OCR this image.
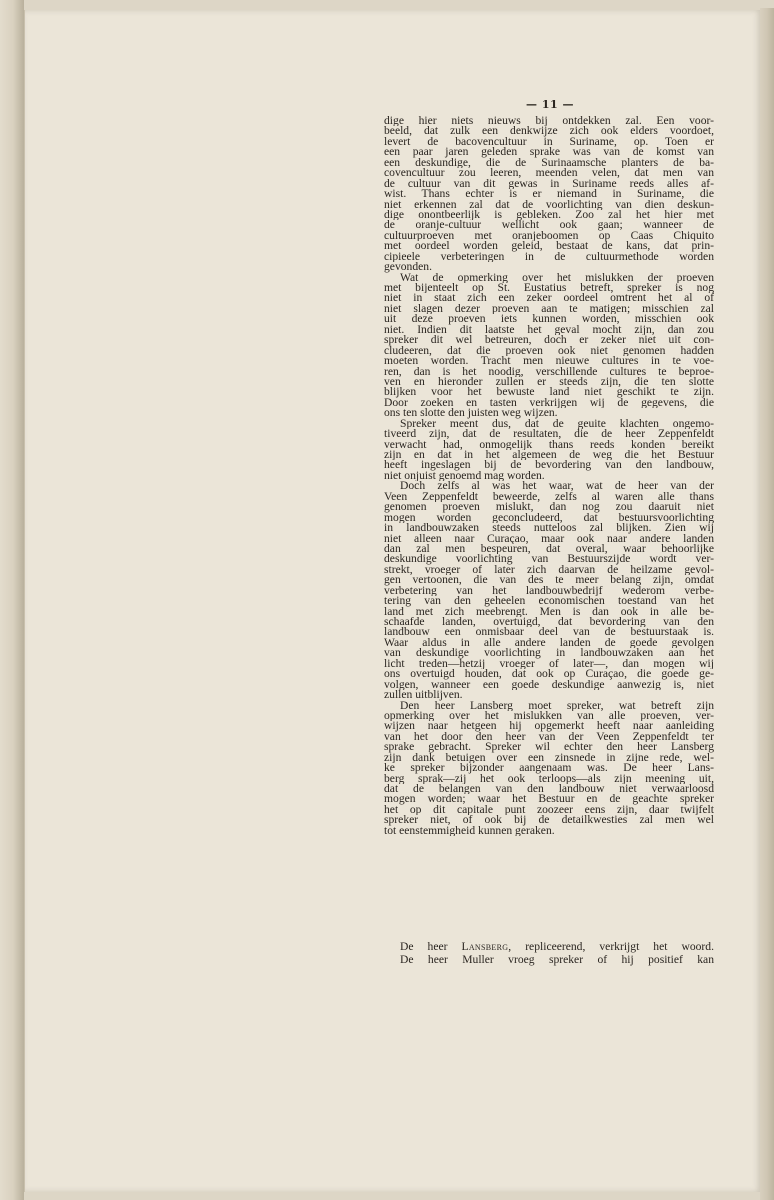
— 11 —
dige hier niets nieuws bij ontdekken zal. Een voor-
beeld, dat zulk een denkwijze zich ook elders voordoet,
levert de bacovencultuur in Suriname, op. Toen er
een paar jaren geleden sprake was van de komst van
een deskundige, die de Surinaamsche planters de ba-
covencultuur zou leeren, meenden velen, dat men van
de cultuur van dit gewas in Suriname reeds alles af-
wist. Thans echter is er niemand in Suriname, die
niet erkennen zal dat de voorlichting van dien deskun-
dige onontbeerlijk is gebleken. Zoo zal het hier met
de oranje-cultuur wellicht ook gaan; wanneer de
cultuurproeven met oranjeboomen op Caas Chiquito
met oordeel worden geleid, bestaat de kans, dat prin-
cipieele verbeteringen in de cultuurmethode worden
gevonden.
Wat de opmerking over het mislukken der proeven
met bijenteelt op St. Eustatius betreft, spreker is nog
niet in staat zich een zeker oordeel omtrent het al of
niet slagen dezer proeven aan te matigen; misschien zal
uit deze proeven iets kunnen worden, misschien ook
niet. Indien dit laatste het geval mocht zijn, dan zou
spreker dit wel betreuren, doch er zeker niet uit con-
cludeeren, dat die proeven ook niet genomen hadden
moeten worden. Tracht men nieuwe cultures in te voe-
ren, dan is het noodig, verschillende cultures te beproe-
ven en hieronder zullen er steeds zijn, die ten slotte
blijken voor het bewuste land niet geschikt te zijn.
Door zoeken en tasten verkrijgen wij de gegevens, die
ons ten slotte den juisten weg wijzen.
Spreker meent dus, dat de geuite klachten ongemo-
tiveerd zijn, dat de resultaten, die de heer Zeppenfeldt
verwacht had, onmogelijk thans reeds konden bereikt
zijn en dat in het algemeen de weg die het Bestuur
heeft ingeslagen bij de bevordering van den landbouw,
niet onjuist genoemd mag worden.
Doch zelfs al was het waar, wat de heer van der
Veen Zeppenfeldt beweerde, zelfs al waren alle thans
genomen proeven mislukt, dan nog zou daaruit niet
mogen worden geconcludeerd, dat bestuursvoorlichting
in landbouwzaken steeds nutteloos zal blijken. Zien wij
niet alleen naar Curaçao, maar ook naar andere landen
dan zal men bespeuren, dat overal, waar behoorlijke
deskundige voorlichting van Bestuurszijde wordt ver-
strekt, vroeger of later zich daarvan de heilzame gevol-
gen vertoonen, die van des te meer belang zijn, omdat
verbetering van het landbouwbedrijf wederom verbe-
tering van den geheelen economischen toestand van het
land met zich meebrengt. Men is dan ook in alle be-
schaafde landen, overtuigd, dat bevordering van den
landbouw een onmisbaar deel van de bestuurstaak is.
Waar aldus in alle andere landen de goede gevolgen
van deskundige voorlichting in landbouwzaken aan het
licht treden—hetzij vroeger of later—, dan mogen wij
ons overtuigd houden, dat ook op Curaçao, die goede ge-
volgen, wanneer een goede deskundige aanwezig is, niet
zullen uitblijven.
Den heer Lansberg moet spreker, wat betreft zijn
opmerking over het mislukken van alle proeven, ver-
wijzen naar hetgeen hij opgemerkt heeft naar aanleiding
van het door den heer van der Veen Zeppenfeldt ter
sprake gebracht. Spreker wil echter den heer Lansberg
zijn dank betuigen over een zinsnede in zijne rede, wel-
ke spreker bijzonder aangenaam was. De heer Lans-
berg sprak—zij het ook terloops—als zijn meening uit,
dat de belangen van den landbouw niet verwaarloosd
mogen worden; waar het Bestuur en de geachte spreker
het op dit capitale punt zoozeer eens zijn, daar twijfelt
spreker niet, of ook bij de detailkwesties zal men wel
tot eenstemmigheid kunnen geraken.
De heer Lansberg, repliceerend, verkrijgt het woord.
De heer Muller vroeg spreker of hij positief kan
